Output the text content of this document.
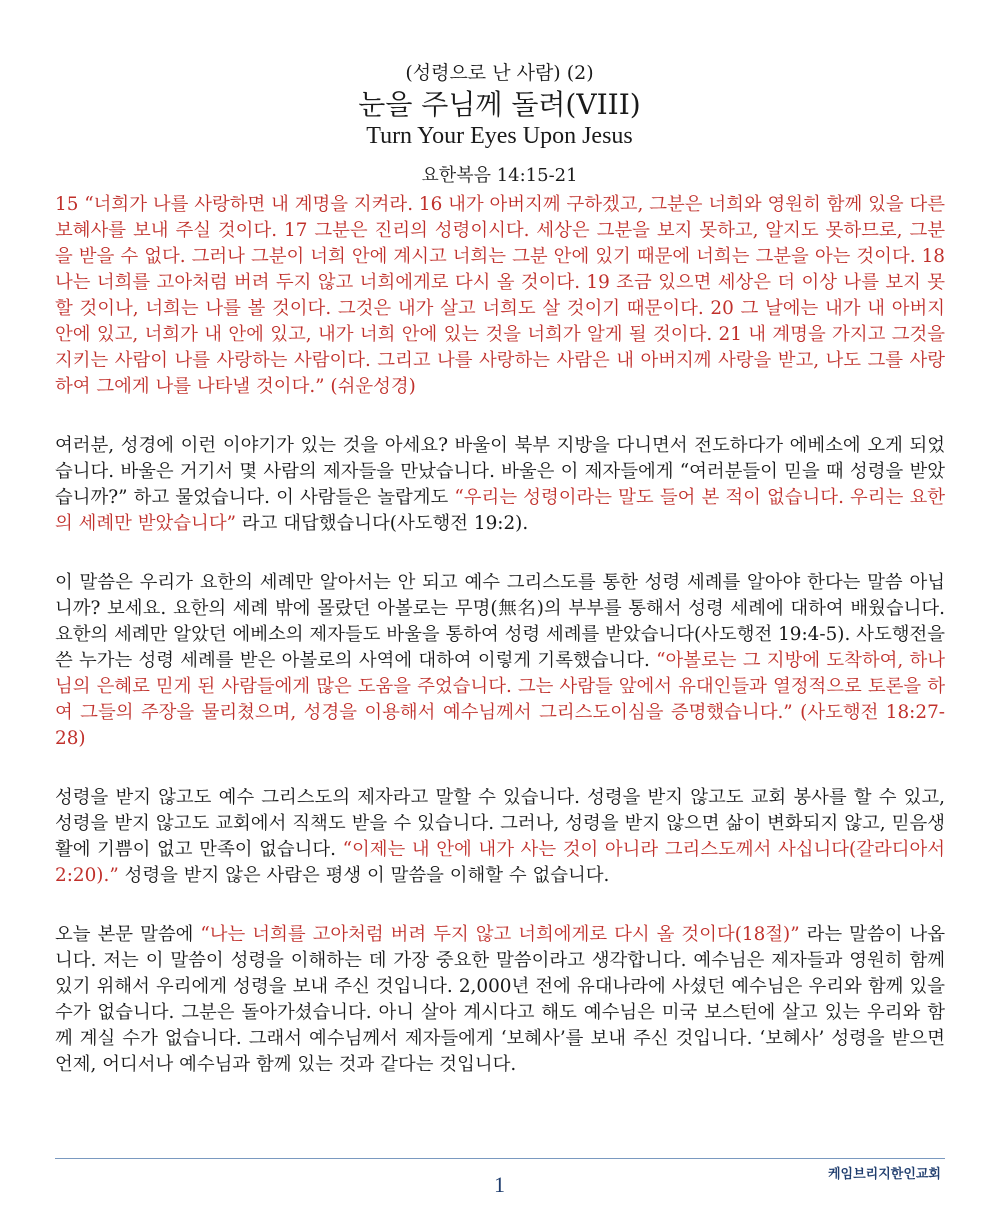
(성령으로 난 사람) (2)
눈을 주님께 돌려(VIII)
Turn Your Eyes Upon Jesus
요한복음 14:15-21

15 “너희가 나를 사랑하면 내 계명을 지켜라. 16 내가 아버지께 구하겠고, 그분은 너희와 영원히 함께 있을 다른 보혜사를 보내 주실 것이다. 17 그분은 진리의 성령이시다. 세상은 그분을 보지 못하고, 알지도 못하므로, 그분을 받을 수 없다. 그러나 그분이 너희 안에 계시고 너희는 그분 안에 있기 때문에 너희는 그분을 아는 것이다. 18 나는 너희를 고아처럼 버려 두지 않고 너희에게로 다시 올 것이다. 19 조금 있으면 세상은 더 이상 나를 보지 못할 것이나, 너희는 나를 볼 것이다. 그것은 내가 살고 너희도 살 것이기 때문이다. 20 그 날에는 내가 내 아버지 안에 있고, 너희가 내 안에 있고, 내가 너희 안에 있는 것을 너희가 알게 될 것이다. 21 내 계명을 가지고 그것을 지키는 사람이 나를 사랑하는 사람이다. 그리고 나를 사랑하는 사람은 내 아버지께 사랑을 받고, 나도 그를 사랑하여 그에게 나를 나타낼 것이다.” (쉬운성경)

여러분, 성경에 이런 이야기가 있는 것을 아세요? 바울이 북부 지방을 다니면서 전도하다가 에베소에 오게 되었습니다. 바울은 거기서 몇 사람의 제자들을 만났습니다. 바울은 이 제자들에게 “여러분들이 믿을 때 성령을 받았습니까?” 하고 물었습니다. 이 사람들은 놀랍게도 “우리는 성령이라는 말도 들어 본 적이 없습니다. 우리는 요한의 세례만 받았습니다” 라고 대답했습니다(사도행전 19:2).

이 말씀은 우리가 요한의 세례만 알아서는 안 되고 예수 그리스도를 통한 성령 세례를 알아야 한다는 말씀 아닙니까? 보세요. 요한의 세례 밖에 몰랐던 아볼로는 무명(無名)의 부부를 통해서 성령 세례에 대하여 배웠습니다. 요한의 세례만 알았던 에베소의 제자들도 바울을 통하여 성령 세례를 받았습니다(사도행전 19:4-5). 사도행전을 쓴 누가는 성령 세례를 받은 아볼로의 사역에 대하여 이렇게 기록했습니다. “아볼로는 그 지방에 도착하여, 하나님의 은혜로 믿게 된 사람들에게 많은 도움을 주었습니다. 그는 사람들 앞에서 유대인들과 열정적으로 토론을 하여 그들의 주장을 물리쳤으며, 성경을 이용해서 예수님께서 그리스도이심을 증명했습니다.” (사도행전 18:27-28)

성령을 받지 않고도 예수 그리스도의 제자라고 말할 수 있습니다. 성령을 받지 않고도 교회 봉사를 할 수 있고, 성령을 받지 않고도 교회에서 직책도 받을 수 있습니다. 그러나, 성령을 받지 않으면 삶이 변화되지 않고, 믿음생활에 기쁨이 없고 만족이 없습니다. “이제는 내 안에 내가 사는 것이 아니라 그리스도께서 사십니다(갈라디아서 2:20).” 성령을 받지 않은 사람은 평생 이 말씀을 이해할 수 없습니다.

오늘 본문 말씀에 “나는 너희를 고아처럼 버려 두지 않고 너희에게로 다시 올 것이다(18절)” 라는 말씀이 나옵니다. 저는 이 말씀이 성령을 이해하는 데 가장 중요한 말씀이라고 생각합니다. 예수님은 제자들과 영원히 함께 있기 위해서 우리에게 성령을 보내 주신 것입니다. 2,000년 전에 유대나라에 사셨던 예수님은 우리와 함께 있을 수가 없습니다. 그분은 돌아가셨습니다. 아니 살아 계시다고 해도 예수님은 미국 보스턴에 살고 있는 우리와 함께 계실 수가 없습니다. 그래서 예수님께서 제자들에게 ‘보혜사’를 보내 주신 것입니다. ‘보혜사’ 성령을 받으면 언제, 어디서나 예수님과 함께 있는 것과 같다는 것입니다.

케임브리지한인교회
1
